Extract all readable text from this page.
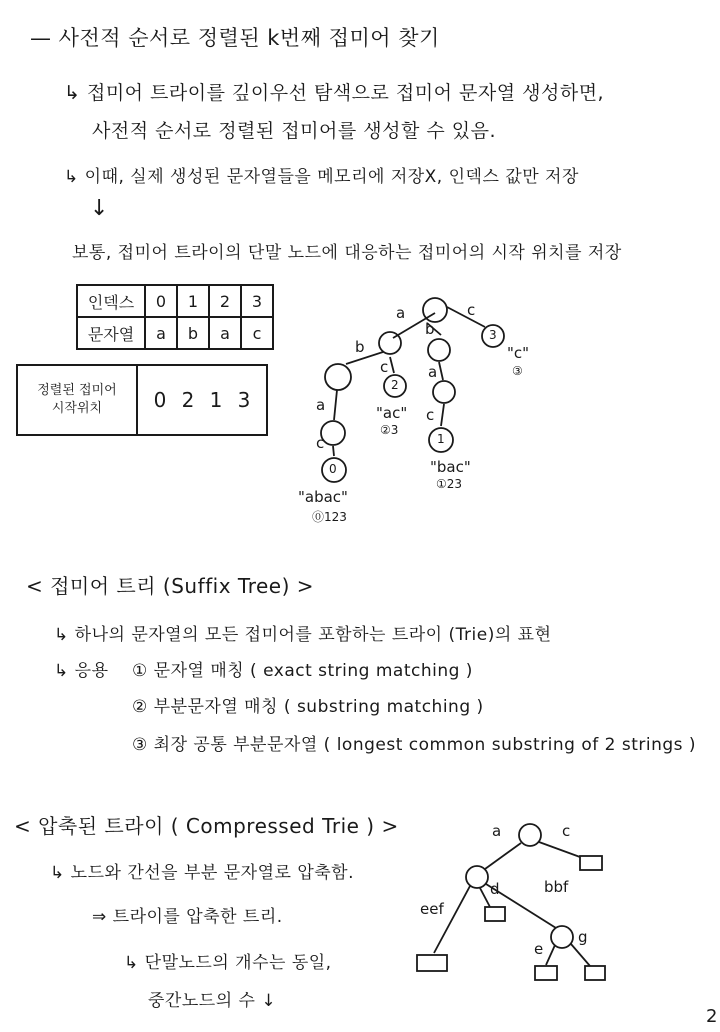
— 사전적 순서로 정렬된 k번째 접미어 찾기
↳ 접미어 트라이를 깊이우선 탐색으로 접미어 문자열 생성하면,
사전적 순서로 정렬된 접미어를 생성할 수 있음.
↳ 이때, 실제 생성된 문자열들을 메모리에 저장X, 인덱스 값만 저장
↓
보통, 접미어 트라이의 단말 노드에 대응하는 접미어의 시작 위치를 저장
인덱스	0	1	2	3
문자열	a	b	a	c
정렬된 접미어
시작위치	0 2 1 3
a
b
c
b
c
a
c
a
c
0
2
1
3
"abac"
⓪123
"ac"
②3
"bac"
①23
"c"
③
< 접미어 트리 (Suffix Tree) >
↳ 하나의 문자열의 모든 접미어를 포함하는 트라이 (Trie)의 표현
↳ 응용 ① 문자열 매칭 ( exact string matching )
② 부분문자열 매칭 ( substring matching )
③ 최장 공통 부분문자열 ( longest common substring of 2 strings )
< 압축된 트라이 ( Compressed Trie ) >
↳ 노드와 간선을 부분 문자열로 압축함.
⇒ 트라이를 압축한 트리.
↳ 단말노드의 개수는 동일,
중간노드의 수 ↓
a	c
eef
d	bbf
e
g
2
